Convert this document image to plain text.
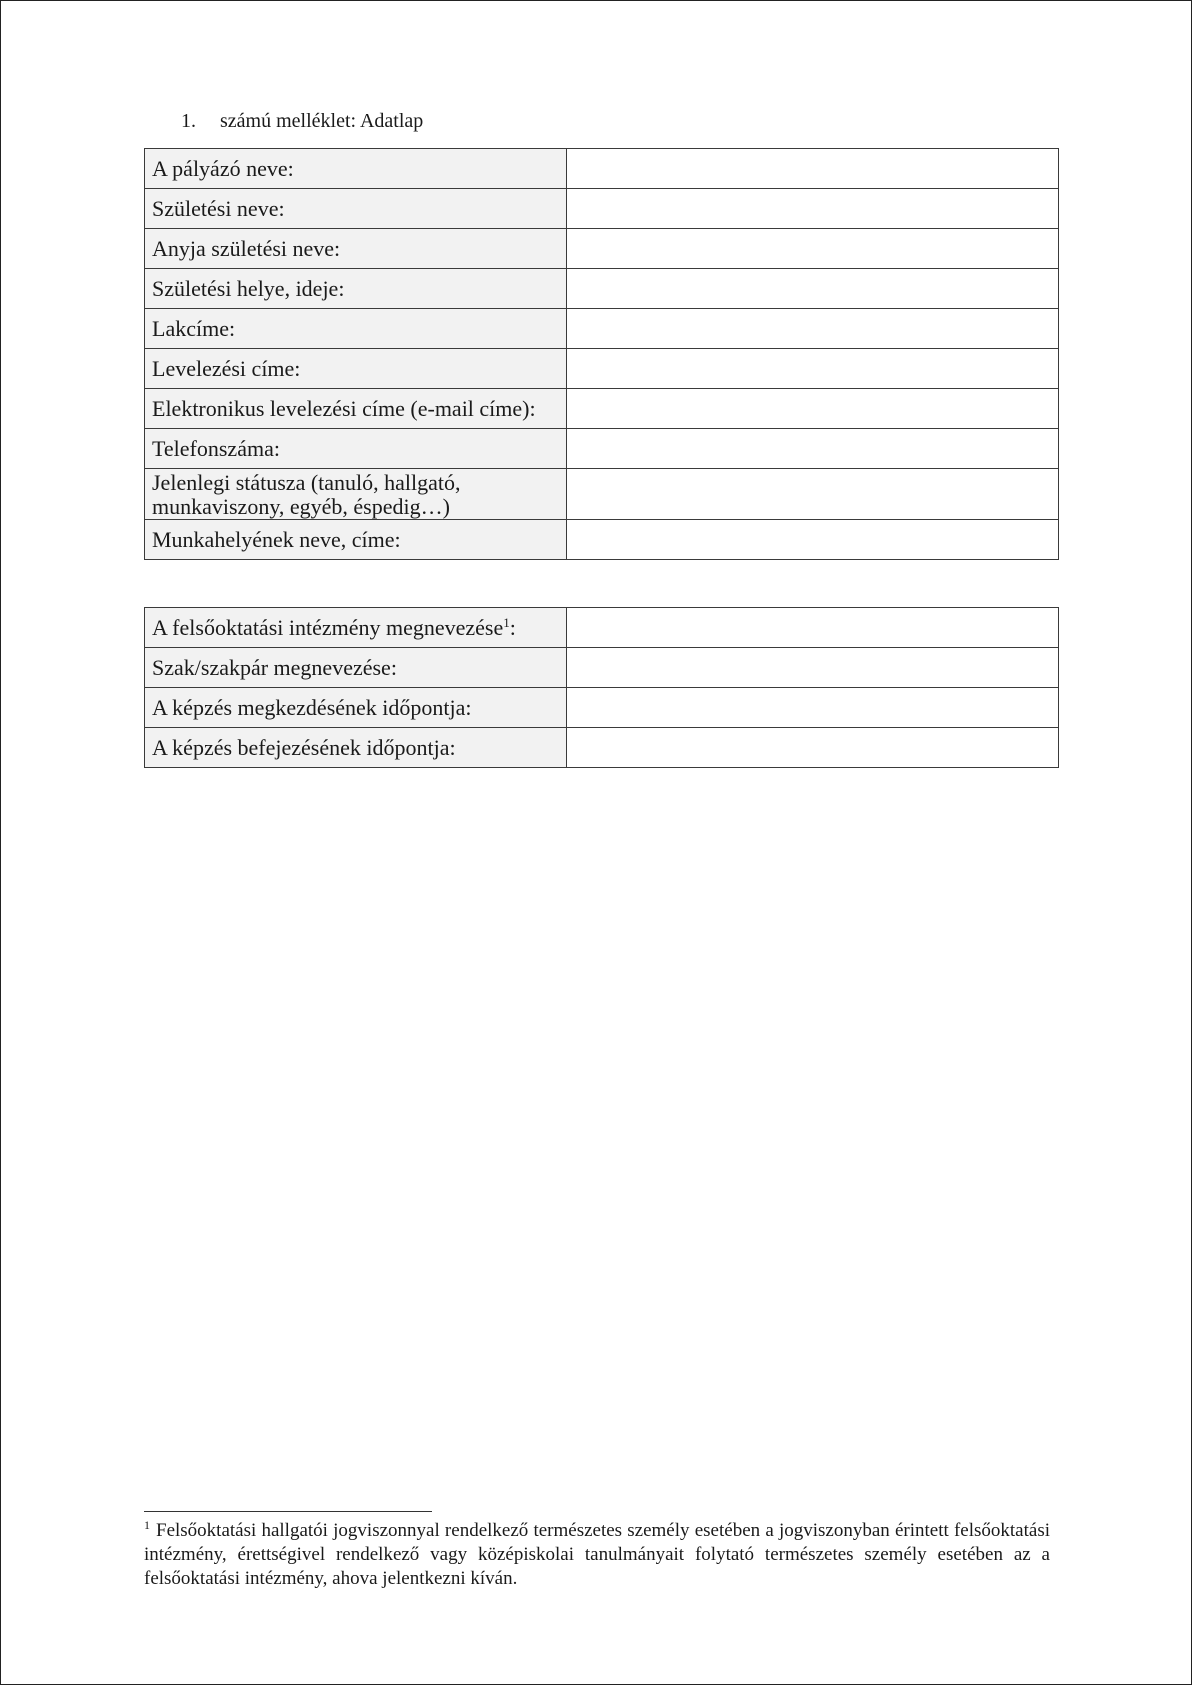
1. számú melléklet: Adatlap
A pályázó neve:	
Születési neve:	
Anyja születési neve:	
Születési helye, ideje:	
Lakcíme:	
Levelezési címe:	
Elektronikus levelezési címe (e-mail címe):	
Telefonszáma:	
Jelenlegi státusza (tanuló, hallgató, munkaviszony, egyéb, éspedig…)	
Munkahelyének neve, címe:	
A felsőoktatási intézmény megnevezése$^1$:	
Szak/szakpár megnevezése:	
A képzés megkezdésének időpontja:	
A képzés befejezésének időpontja:	
$^1$ Felsőoktatási hallgatói jogviszonnyal rendelkező természetes személy esetében a jogviszonyban érintett felsőoktatási intézmény, érettségivel rendelkező vagy középiskolai tanulmányait folytató természetes személy esetében az a felsőoktatási intézmény, ahova jelentkezni kíván.
